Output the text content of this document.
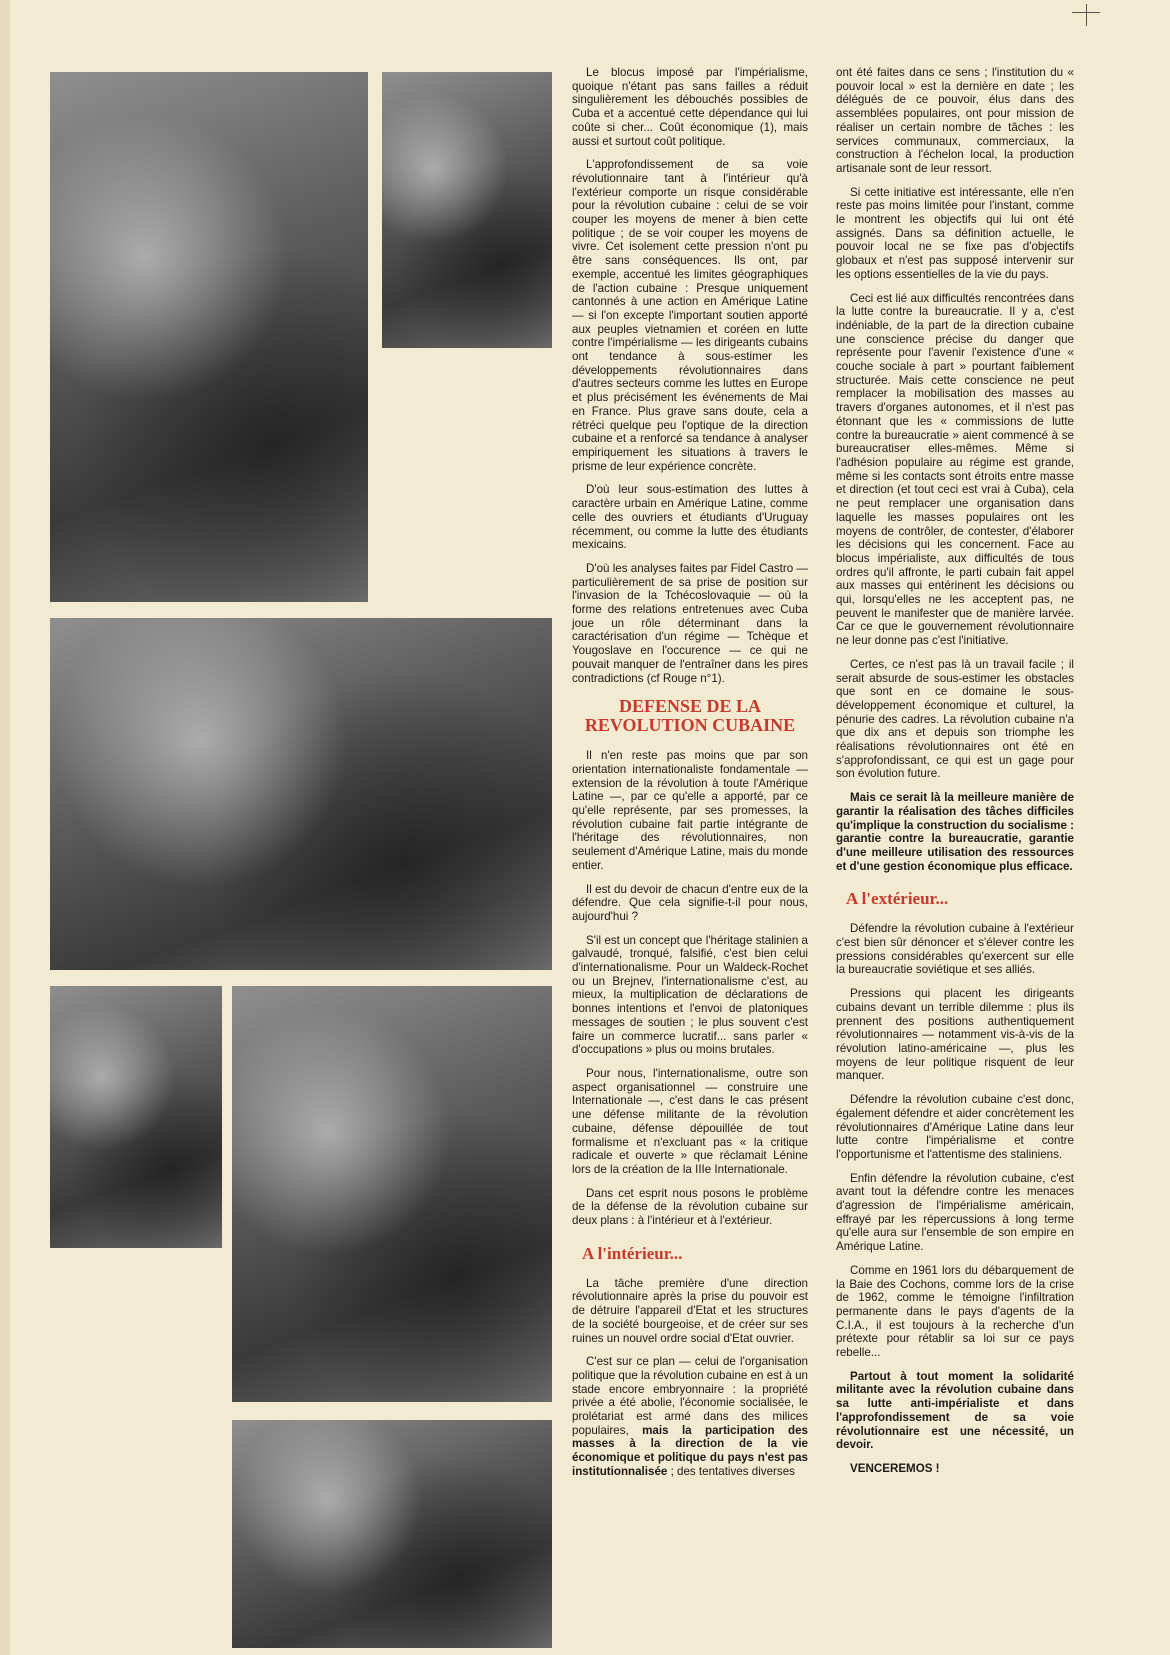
Le blocus imposé par l'impérialisme, quoique n'étant pas sans failles a réduit singulièrement les débouchés possibles de Cuba et a accentué cette dépendance qui lui coûte si cher... Coût économique (1), mais aussi et surtout coût politique.

L'approfondissement de sa voie révolutionnaire tant à l'intérieur qu'à l'extérieur comporte un risque considérable pour la révolution cubaine : celui de se voir couper les moyens de mener à bien cette politique ; de se voir couper les moyens de vivre. Cet isolement cette pression n'ont pu être sans conséquences. Ils ont, par exemple, accentué les limites géographiques de l'action cubaine : Presque uniquement cantonnés à une action en Amérique Latine — si l'on excepte l'important soutien apporté aux peuples vietnamien et coréen en lutte contre l'impérialisme — les dirigeants cubains ont tendance à sous-estimer les développements révolutionnaires dans d'autres secteurs comme les luttes en Europe et plus précisément les événements de Mai en France. Plus grave sans doute, cela a rétréci quelque peu l'optique de la direction cubaine et a renforcé sa tendance à analyser empiriquement les situations à travers le prisme de leur expérience concrète.

D'où leur sous-estimation des luttes à caractère urbain en Amérique Latine, comme celle des ouvriers et étudiants d'Uruguay récemment, ou comme la lutte des étudiants mexicains.

D'où les analyses faites par Fidel Castro — particulièrement de sa prise de position sur l'invasion de la Tchécoslovaquie — où la forme des relations entretenues avec Cuba joue un rôle déterminant dans la caractérisation d'un régime — Tchèque et Yougoslave en l'occurence — ce qui ne pouvait manquer de l'entraîner dans les pires contradictions (cf Rouge n°1).

DEFENSE DE LA REVOLUTION CUBAINE

Il n'en reste pas moins que par son orientation internationaliste fondamentale — extension de la révolution à toute l'Amérique Latine —, par ce qu'elle a apporté, par ce qu'elle représente, par ses promesses, la révolution cubaine fait partie intégrante de l'héritage des révolutionnaires, non seulement d'Amérique Latine, mais du monde entier.

Il est du devoir de chacun d'entre eux de la défendre. Que cela signifie-t-il pour nous, aujourd'hui ?

S'il est un concept que l'héritage stalinien a galvaudé, tronqué, falsifié, c'est bien celui d'internationalisme. Pour un Waldeck-Rochet ou un Brejnev, l'internationalisme c'est, au mieux, la multiplication de déclarations de bonnes intentions et l'envoi de platoniques messages de soutien ; le plus souvent c'est faire un commerce lucratif... sans parler « d'occupations » plus ou moins brutales.

Pour nous, l'internationalisme, outre son aspect organisationnel — construire une Internationale —, c'est dans le cas présent une défense militante de la révolution cubaine, défense dépouillée de tout formalisme et n'excluant pas « la critique radicale et ouverte » que réclamait Lénine lors de la création de la IIIe Internationale.

Dans cet esprit nous posons le problème de la défense de la révolution cubaine sur deux plans : à l'intérieur et à l'extérieur.

A l'intérieur...

La tâche première d'une direction révolutionnaire après la prise du pouvoir est de détruire l'appareil d'Etat et les structures de la société bourgeoise, et de créer sur ses ruines un nouvel ordre social d'Etat ouvrier.

C'est sur ce plan — celui de l'organisation politique que la révolution cubaine en est à un stade encore embryonnaire : la propriété privée a été abolie, l'économie socialisée, le prolétariat est armé dans des milices populaires, mais la participation des masses à la direction de la vie économique et politique du pays n'est pas institutionnalisée ; des tentatives diverses

ont été faites dans ce sens ; l'institution du « pouvoir local » est la dernière en date ; les délégués de ce pouvoir, élus dans des assemblées populaires, ont pour mission de réaliser un certain nombre de tâches : les services communaux, commerciaux, la construction à l'échelon local, la production artisanale sont de leur ressort.

Si cette initiative est intéressante, elle n'en reste pas moins limitée pour l'instant, comme le montrent les objectifs qui lui ont été assignés. Dans sa définition actuelle, le pouvoir local ne se fixe pas d'objectifs globaux et n'est pas supposé intervenir sur les options essentielles de la vie du pays.

Ceci est lié aux difficultés rencontrées dans la lutte contre la bureaucratie. Il y a, c'est indéniable, de la part de la direction cubaine une conscience précise du danger que représente pour l'avenir l'existence d'une « couche sociale à part » pourtant faiblement structurée. Mais cette conscience ne peut remplacer la mobilisation des masses au travers d'organes autonomes, et il n'est pas étonnant que les « commissions de lutte contre la bureaucratie » aient commencé à se bureaucratiser elles-mêmes. Même si l'adhésion populaire au régime est grande, même si les contacts sont étroits entre masse et direction (et tout ceci est vrai à Cuba), cela ne peut remplacer une organisation dans laquelle les masses populaires ont les moyens de contrôler, de contester, d'élaborer les décisions qui les concernent. Face au blocus impérialiste, aux difficultés de tous ordres qu'il affronte, le parti cubain fait appel aux masses qui entérinent les décisions ou qui, lorsqu'elles ne les acceptent pas, ne peuvent le manifester que de manière larvée. Car ce que le gouvernement révolutionnaire ne leur donne pas c'est l'initiative.

Certes, ce n'est pas là un travail facile ; il serait absurde de sous-estimer les obstacles que sont en ce domaine le sous-développement économique et culturel, la pénurie des cadres. La révolution cubaine n'a que dix ans et depuis son triomphe les réalisations révolutionnaires ont été en s'approfondissant, ce qui est un gage pour son évolution future.

Mais ce serait là la meilleure manière de garantir la réalisation des tâches difficiles qu'implique la construction du socialisme : garantie contre la bureaucratie, garantie d'une meilleure utilisation des ressources et d'une gestion économique plus efficace.

A l'extérieur...

Défendre la révolution cubaine à l'extérieur c'est bien sûr dénoncer et s'élever contre les pressions considérables qu'exercent sur elle la bureaucratie soviétique et ses alliés.

Pressions qui placent les dirigeants cubains devant un terrible dilemme : plus ils prennent des positions authentiquement révolutionnaires — notamment vis-à-vis de la révolution latino-américaine —, plus les moyens de leur politique risquent de leur manquer.

Défendre la révolution cubaine c'est donc, également défendre et aider concrètement les révolutionnaires d'Amérique Latine dans leur lutte contre l'impérialisme et contre l'opportunisme et l'attentisme des staliniens.

Enfin défendre la révolution cubaine, c'est avant tout la défendre contre les menaces d'agression de l'impérialisme américain, effrayé par les répercussions à long terme qu'elle aura sur l'ensemble de son empire en Amérique Latine.

Comme en 1961 lors du débarquement de la Baie des Cochons, comme lors de la crise de 1962, comme le témoigne l'infiltration permanente dans le pays d'agents de la C.I.A., il est toujours à la recherche d'un prétexte pour rétablir sa loi sur ce pays rebelle...

Partout à tout moment la solidarité militante avec la révolution cubaine dans sa lutte anti-impérialiste et dans l'approfondissement de sa voie révolutionnaire est une nécessité, un devoir.

VENCEREMOS !
